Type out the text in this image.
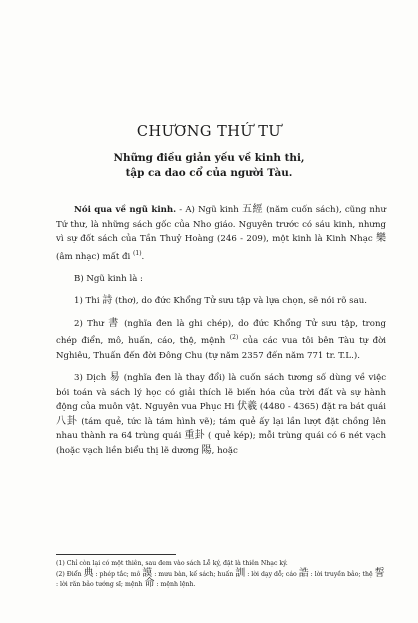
CHƯƠNG THỨ TƯ
Những điều giản yếu về kinh thi,
tập ca dao cổ của người Tàu.

Nói qua về ngũ kinh. - A) Ngũ kinh 五經 (năm cuốn sách), cũng như Tứ thư, là những sách gốc của Nho giáo. Nguyên trước có sáu kinh, nhưng vì sự đốt sách của Tần Thuỷ Hoàng (246 - 209), một kinh là Kinh Nhạc 樂 (âm nhạc) mất đi $^{(1)}$.

B) Ngũ kinh là :

1) Thi 詩 (thơ), do đức Khổng Tử sưu tập và lựa chọn, sẽ nói rõ sau.

2) Thư 書 (nghĩa đen là ghi chép), do đức Khổng Tử sưu tập, trong chép điển, mô, huấn, cáo, thệ, mệnh $^{(2)}$ của các vua tôi bên Tàu tự đời Nghiêu, Thuấn đến đời Đông Chu (tự năm 2357 đến năm 771 tr. T.L.).

3) Dịch 易 (nghĩa đen là thay đổi) là cuốn sách tương số dùng về việc bói toán và sách lý học có giải thích lẽ biến hóa của trời đất và sự hành động của muôn vật. Nguyên vua Phục Hi 伏羲 (4480 - 4365) đặt ra bát quái 八卦 (tám quẻ, tức là tám hình vẽ); tám quẻ ấy lại lần lượt đặt chồng lên nhau thành ra 64 trùng quái 重卦 ( quẻ kép); mỗi trùng quái có 6 nét vạch (hoặc vạch liền biểu thị lẽ dương 陽, hoặc

(1) Chỉ còn lại có một thiên, sau đem vào sách Lễ ký, đặt là thiên Nhạc ký.
(2) Điển 典 : phép tắc; mô 謨 : mưu bàn, kế sách; huấn 訓 : lời dạy dỗ; cáo 誥 : lời truyền bảo; thệ 誓 : lời răn bảo tướng sĩ; mệnh 命 : mệnh lệnh.
